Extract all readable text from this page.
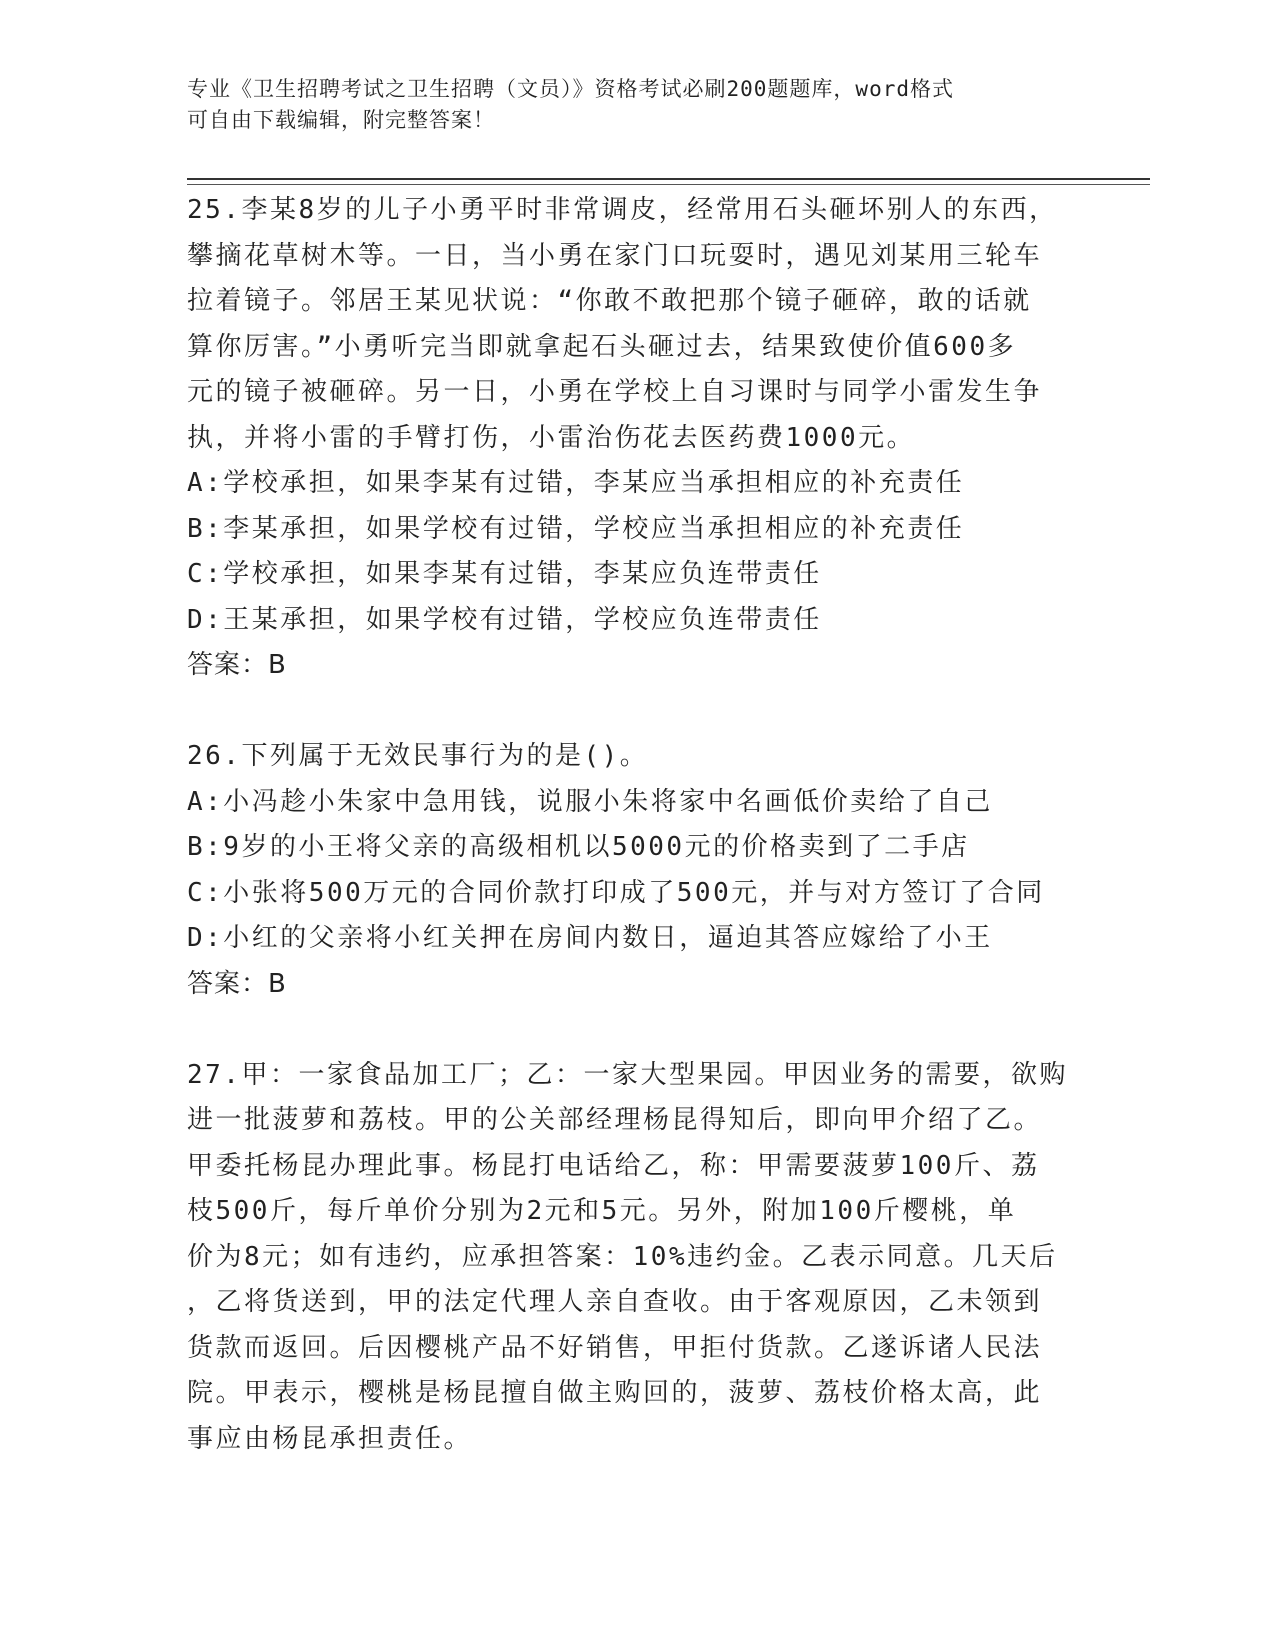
专业《卫生招聘考试之卫生招聘（文员）》资格考试必刷200题题库，word格式
可自由下载编辑，附完整答案！
25.李某8岁的儿子小勇平时非常调皮，经常用石头砸坏别人的东西，
攀摘花草树木等。一日，当小勇在家门口玩耍时，遇见刘某用三轮车
拉着镜子。邻居王某见状说：“你敢不敢把那个镜子砸碎，敢的话就
算你厉害。”小勇听完当即就拿起石头砸过去，结果致使价值600多
元的镜子被砸碎。另一日，小勇在学校上自习课时与同学小雷发生争
执，并将小雷的手臂打伤，小雷治伤花去医药费1000元。
A:学校承担，如果李某有过错，李某应当承担相应的补充责任
B:李某承担，如果学校有过错，学校应当承担相应的补充责任
C:学校承担，如果李某有过错，李某应负连带责任
D:王某承担，如果学校有过错，学校应负连带责任
答案：B
26.下列属于无效民事行为的是()。
A:小冯趁小朱家中急用钱，说服小朱将家中名画低价卖给了自己
B:9岁的小王将父亲的高级相机以5000元的价格卖到了二手店
C:小张将500万元的合同价款打印成了500元，并与对方签订了合同
D:小红的父亲将小红关押在房间内数日，逼迫其答应嫁给了小王
答案：B
27.甲：一家食品加工厂；乙：一家大型果园。甲因业务的需要，欲购
进一批菠萝和荔枝。甲的公关部经理杨昆得知后，即向甲介绍了乙。
甲委托杨昆办理此事。杨昆打电话给乙，称：甲需要菠萝100斤、荔
枝500斤，每斤单价分别为2元和5元。另外，附加100斤樱桃，单
价为8元；如有违约，应承担答案：10%违约金。乙表示同意。几天后
，乙将货送到，甲的法定代理人亲自查收。由于客观原因，乙未领到
货款而返回。后因樱桃产品不好销售，甲拒付货款。乙遂诉诸人民法
院。甲表示，樱桃是杨昆擅自做主购回的，菠萝、荔枝价格太高，此
事应由杨昆承担责任。
